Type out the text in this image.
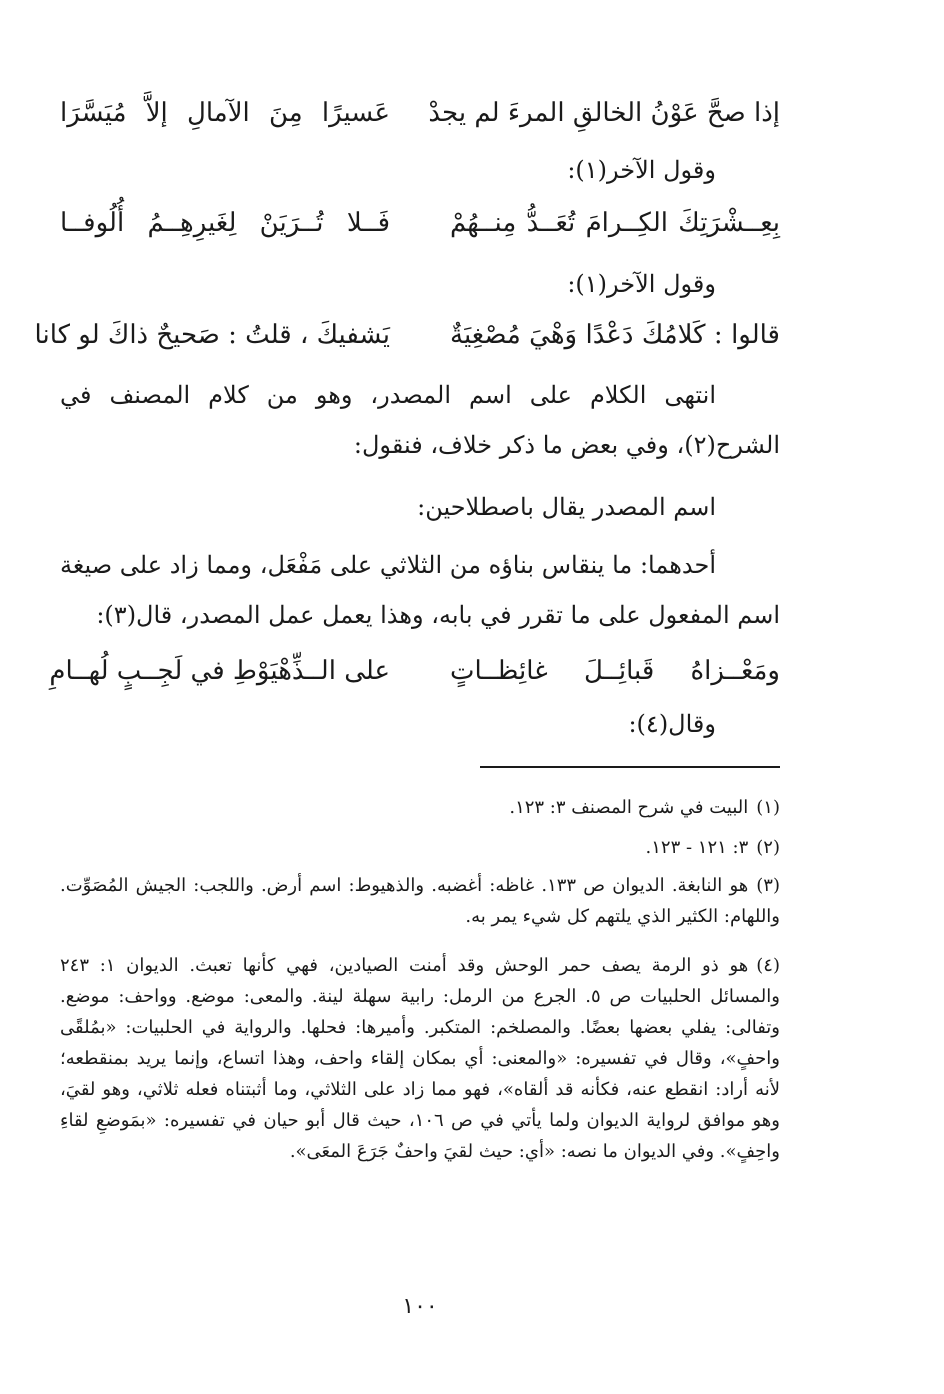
إذا صحَّ عَوْنُ الخالقِ المرءَ لم يجدْ
عَسيرًا مِنَ الآمالِ إلاَّ مُيَسَّرَا
وقول الآخر(١):
بِعِــشْرَتِكَ الكِــرامَ تُعَــدُّ مِنــهُمْ
فَــلا تُــرَيَنْ لِغَيرِهِــمُ أُلُوفــا
وقول الآخر(١):
قالوا : كَلامُكَ دَعْدًا وَهْيَ مُصْغِيَةٌ
يَشفيكَ ، قلتُ : صَحيحٌ ذاكَ لو كانا
انتهى الكلام على اسم المصدر، وهو من كلام المصنف في الشرح(٢)، وفي بعض ما ذكر خلاف، فنقول:
اسم المصدر يقال باصطلاحين:
أحدهما: ما ينقاس بناؤه من الثلاثي على مَفْعَل، ومما زاد على صيغة اسم المفعول على ما تقرر في بابه، وهذا يعمل عمل المصدر، قال(٣):
ومَعْــزاهُ قَبائِــلَ غائِظــاتٍ
على الــذِّهْيَوْطِ في لَجِــبٍ لُهــامِ
وقال(٤):
(١)البيت في شرح المصنف ٣: ١٢٣.
(٢)٣: ١٢١ - ١٢٣.
(٣)هو النابغة. الديوان ص ١٣٣. غاظه: أغضبه. والذهيوط: اسم أرض. واللجب: الجيش المُصَوِّت. واللهام: الكثير الذي يلتهم كل شيء يمر به.
(٤)هو ذو الرمة يصف حمر الوحش وقد أمنت الصيادين، فهي كأنها تعبث. الديوان ١: ٢٤٣ والمسائل الحلبيات ص ٥. الجرع من الرمل: رابية سهلة لينة. والمعى: موضع. وواحف: موضع. وتفالى: يفلي بعضها بعضًا. والمصلخم: المتكبر. وأميرها: فحلها. والرواية في الحلبيات: «بمُلقًى واحفٍ»، وقال في تفسيره: «والمعنى: أي بمكان إلقاء واحف، وهذا اتساع، وإنما يريد بمنقطعه؛ لأنه أراد: انقطع عنه، فكأنه قد ألقاه»، فهو مما زاد على الثلاثي، وما أثبتناه فعله ثلاثي، وهو لقيَ، وهو موافق لرواية الديوان ولما يأتي في ص ١٠٦، حيث قال أبو حيان في تفسيره: «بمَوضعِ لقاءِ واحِفٍ». وفي الديوان ما نصه: «أي: حيث لقيَ واحفٌ جَرَعَ المعَى».
١٠٠
